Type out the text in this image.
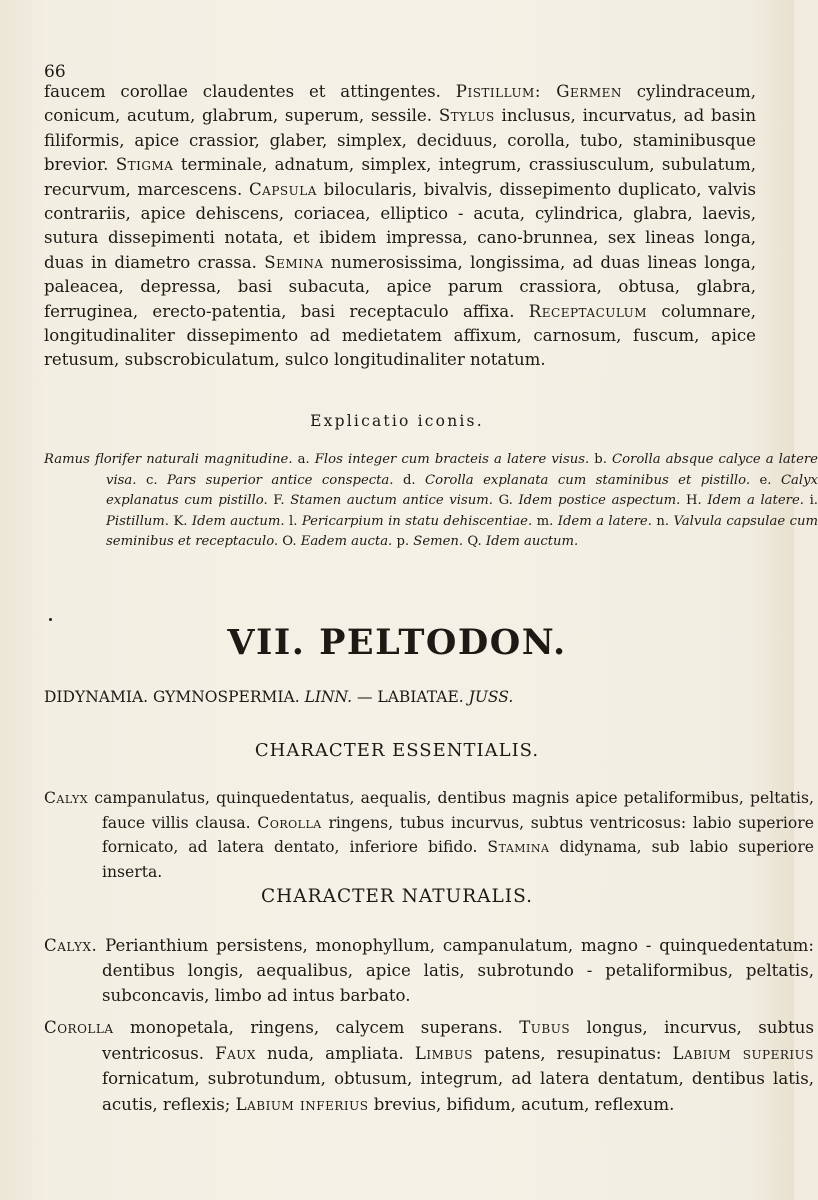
66
faucem corollae claudentes et attingentes. Pistillum: Germen cylindraceum, conicum, acutum, glabrum, superum, sessile. Stylus inclusus, incurvatus, ad basin filiformis, apice crassior, glaber, simplex, deciduus, corolla, tubo, staminibusque brevior. Stigma terminale, adnatum, simplex, integrum, crassiusculum, subulatum, recurvum, marcescens. Capsula bilocularis, bivalvis, dissepimento duplicato, valvis contrariis, apice dehiscens, coriacea, elliptico - acuta, cylindrica, glabra, laevis, sutura dissepimenti notata, et ibidem impressa, cano-brunnea, sex lineas longa, duas in diametro crassa. Semina numerosissima, longissima, ad duas lineas longa, paleacea, depressa, basi subacuta, apice parum crassiora, obtusa, glabra, ferruginea, erecto-patentia, basi receptaculo affixa. Receptaculum columnare, longitudinaliter dissepimento ad medietatem affixum, carnosum, fuscum, apice retusum, subscrobiculatum, sulco longitudinaliter notatum.
Explicatio iconis.
Ramus florifer naturali magnitudine. a. Flos integer cum bracteis a latere visus. b. Corolla absque calyce a latere visa. c. Pars superior antice conspecta. d. Corolla explanata cum staminibus et pistillo. e. Calyx explanatus cum pistillo. F. Stamen auctum antice visum. G. Idem postice aspectum. H. Idem a latere. i. Pistillum. K. Idem auctum. l. Pericarpium in statu dehiscentiae. m. Idem a latere. n. Valvula capsulae cum seminibus et receptaculo. O. Eadem aucta. p. Semen. Q. Idem auctum.
VII. PELTODON.
DIDYNAMIA. GYMNOSPERMIA. LINN. — LABIATAE. JUSS.
CHARACTER ESSENTIALIS.
Calyx campanulatus, quinquedentatus, aequalis, dentibus magnis apice petaliformibus, peltatis, fauce villis clausa. Corolla ringens, tubus incurvus, subtus ventricosus: labio superiore fornicato, ad latera dentato, inferiore bifido. Stamina didynama, sub labio superiore inserta.
CHARACTER NATURALIS.
Calyx. Perianthium persistens, monophyllum, campanulatum, magno - quinquedentatum: dentibus longis, aequalibus, apice latis, subrotundo - petaliformibus, peltatis, subconcavis, limbo ad intus barbato.
Corolla monopetala, ringens, calycem superans. Tubus longus, incurvus, subtus ventricosus. Faux nuda, ampliata. Limbus patens, resupinatus: Labium superius fornicatum, subrotundum, obtusum, integrum, ad latera dentatum, dentibus latis, acutis, reflexis; Labium inferius brevius, bifidum, acutum, reflexum.
